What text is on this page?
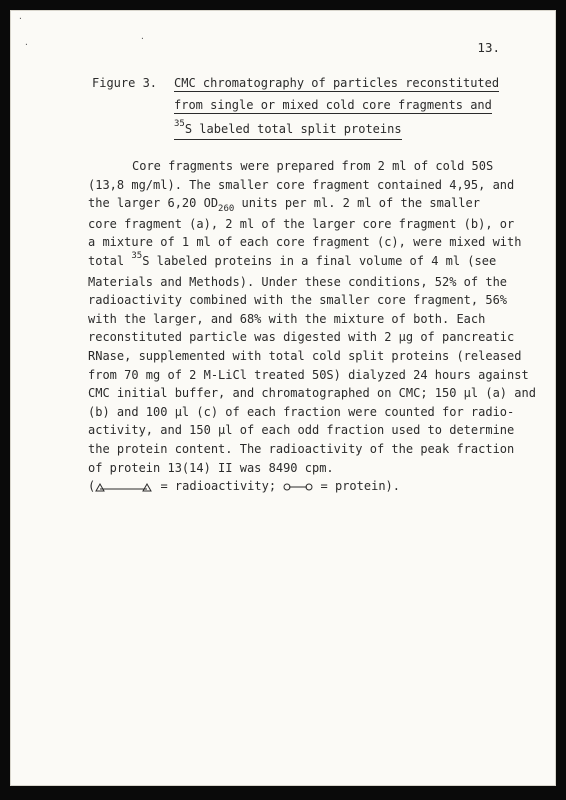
·
·
·
13.
Figure 3. CMC chromatography of particles reconstituted
from single or mixed cold core fragments and
$^{35}$S labeled total split proteins
Core fragments were prepared from 2 ml of cold 50S
(13,8 mg/ml). The smaller core fragment contained 4,95, and
the larger 6,20 $OD_{260}$ units per ml. 2 ml of the smaller
core fragment (a), 2 ml of the larger core fragment (b), or
a mixture of 1 ml of each core fragment (c), were mixed with
total $^{35}$S labeled proteins in a final volume of 4 ml (see
Materials and Methods). Under these conditions, 52% of the
radioactivity combined with the smaller core fragment, 56%
with the larger, and 68% with the mixture of both. Each
reconstituted particle was digested with 2 µg of pancreatic
RNase, supplemented with total cold split proteins (released
from 70 mg of 2 M-LiCl treated 50S) dialyzed 24 hours against
CMC initial buffer, and chromatographed on CMC; 150 µl (a) and
(b) and 100 µl (c) of each fraction were counted for radio-
activity, and 150 µl of each odd fraction used to determine
the protein content. The radioactivity of the peak fraction
of protein 13(14) II was 8490 cpm.
(	= radioactivity;	= protein).
